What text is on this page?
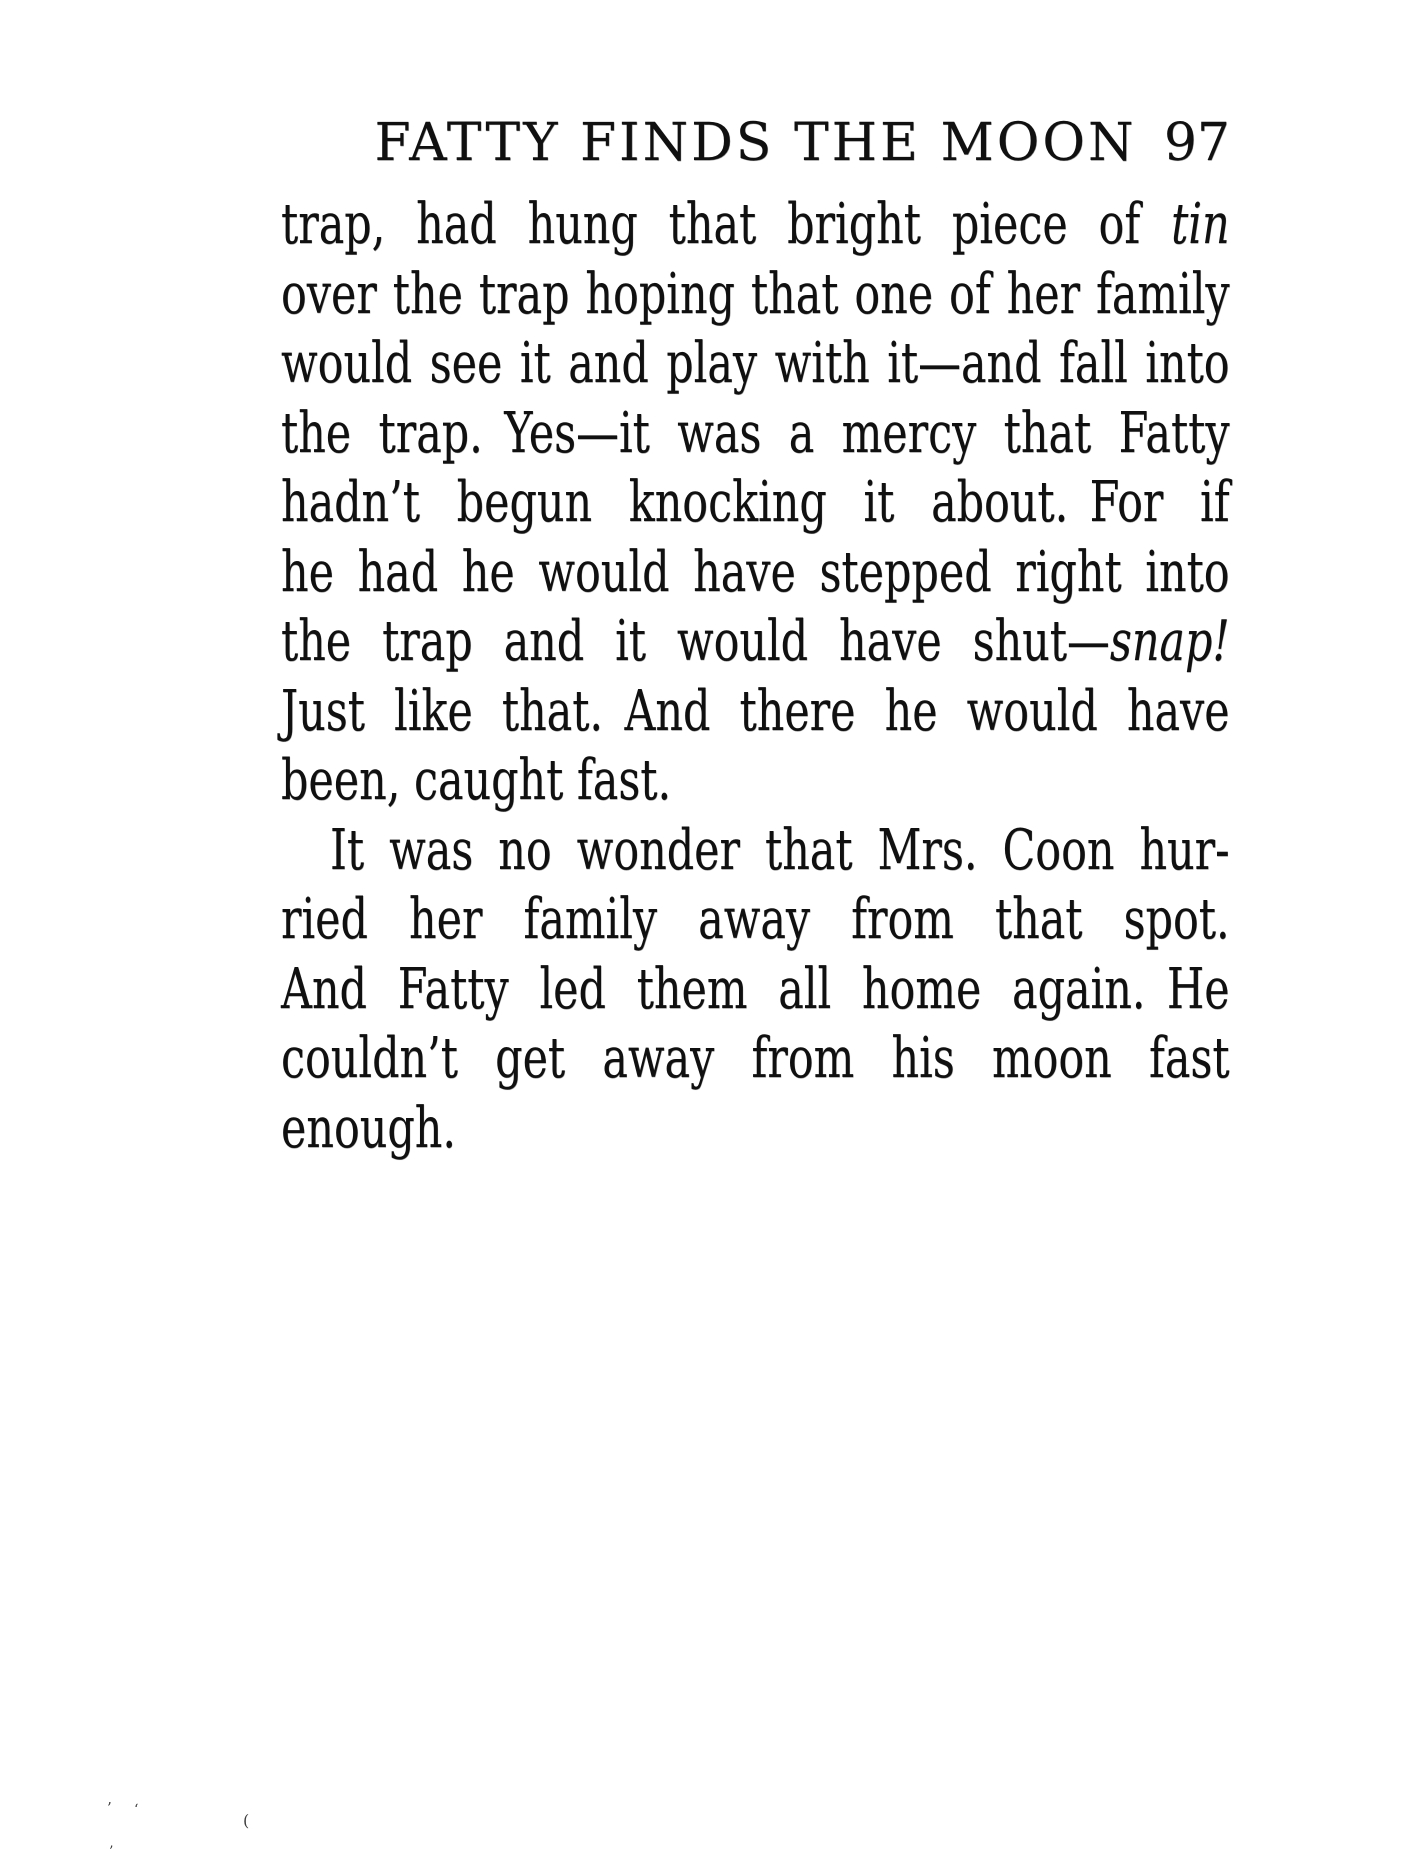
FATTY FINDS THE MOON 97
trap, had hung that bright piece of tin
over the trap hoping that one of her family
would see it and play with it—and fall into
the trap. Yes—it was a mercy that Fatty
hadn’t begun knocking it about. For if
he had he would have stepped right into
the trap and it would have shut—snap!
Just like that. And there he would have
been, caught fast.
It was no wonder that Mrs. Coon hur-
ried her family away from that spot.
And Fatty led them all home again. He
couldn’t get away from his moon fast
enough.
’ ‘
(
’
